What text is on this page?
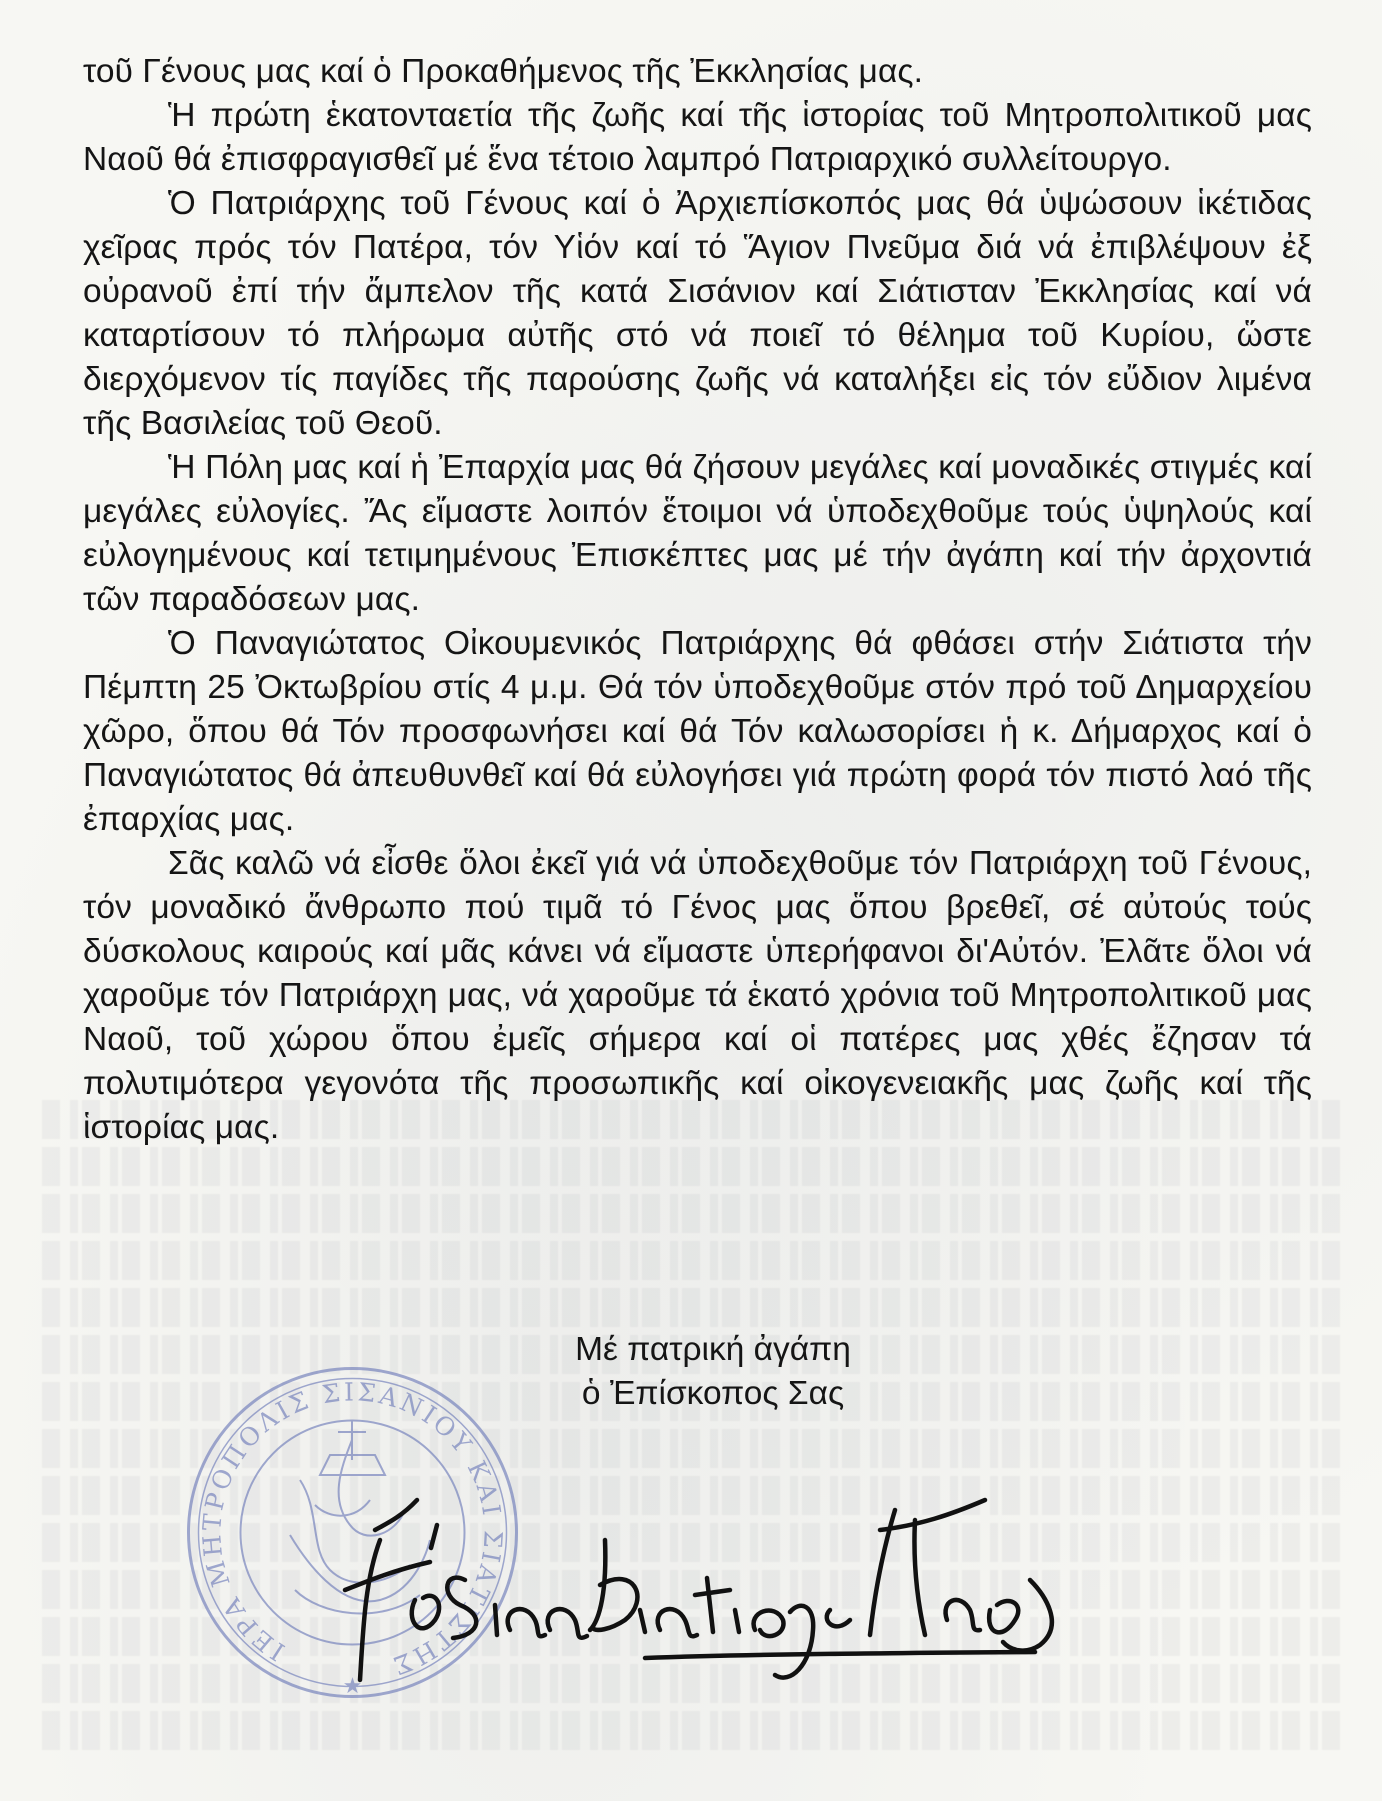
τοῦ Γένους μας καί ὁ Προκαθήμενος τῆς Ἐκκλησίας μας.

Ἡ πρώτη ἑκατονταετία τῆς ζωῆς καί τῆς ἱστορίας τοῦ Μητροπολιτικοῦ μας Ναοῦ θά ἐπισφραγισθεῖ μέ ἕνα τέτοιο λαμπρό Πατριαρχικό συλλείτουργο.

Ὁ Πατριάρχης τοῦ Γένους καί ὁ Ἀρχιεπίσκοπός μας θά ὑψώσουν ἱκέτιδας χεῖρας πρός τόν Πατέρα, τόν Υἱόν καί τό Ἅγιον Πνεῦμα διά νά ἐπιβλέψουν ἐξ οὐρανοῦ ἐπί τήν ἄμπελον τῆς κατά Σισάνιον καί Σιάτισταν Ἐκκλησίας καί νά καταρτίσουν τό πλήρωμα αὐτῆς στό νά ποιεῖ τό θέλημα τοῦ Κυρίου, ὥστε διερχόμενον τίς παγίδες τῆς παρούσης ζωῆς νά καταλήξει εἰς τόν εὔδιον λιμένα τῆς Βασιλείας τοῦ Θεοῦ.

Ἡ Πόλη μας καί ἡ Ἐπαρχία μας θά ζήσουν μεγάλες καί μοναδικές στιγμές καί μεγάλες εὐλογίες. Ἄς εἴμαστε λοιπόν ἕτοιμοι νά ὑποδεχθοῦμε τούς ὑψηλούς καί εὐλογημένους καί τετιμημένους Ἐπισκέπτες μας μέ τήν ἀγάπη καί τήν ἀρχοντιά τῶν παραδόσεων μας.

Ὁ Παναγιώτατος Οἰκουμενικός Πατριάρχης θά φθάσει στήν Σιάτιστα τήν Πέμπτη 25 Ὀκτωβρίου στίς 4 μ.μ. Θά τόν ὑποδεχθοῦμε στόν πρό τοῦ Δημαρχείου χῶρο, ὅπου θά Τόν προσφωνήσει καί θά Τόν καλωσορίσει ἡ κ. Δήμαρχος καί ὁ Παναγιώτατος θά ἀπευθυνθεῖ καί θά εὐλογήσει γιά πρώτη φορά τόν πιστό λαό τῆς ἐπαρχίας μας.

Σᾶς καλῶ νά εἶσθε ὅλοι ἐκεῖ γιά νά ὑποδεχθοῦμε τόν Πατριάρχη τοῦ Γένους, τόν μοναδικό ἄνθρωπο πού τιμᾶ τό Γένος μας ὅπου βρεθεῖ, σέ αὐτούς τούς δύσκολους καιρούς καί μᾶς κάνει νά εἴμαστε ὑπερήφανοι δι'Αὐτόν. Ἐλᾶτε ὅλοι νά χαροῦμε τόν Πατριάρχη μας, νά χαροῦμε τά ἑκατό χρόνια τοῦ Μητροπολιτικοῦ μας Ναοῦ, τοῦ χώρου ὅπου ἐμεῖς σήμερα καί οἱ πατέρες μας χθές ἔζησαν τά πολυτιμότερα γεγονότα τῆς προσωπικῆς καί οἰκογενειακῆς μας ζωῆς καί τῆς ἱστορίας μας.

ΙΕΡΑ ΜΗΤΡΟΠΟΛΙΣ ΣΙΣΑΝΙΟΥ ΚΑΙ ΣΙΑΤΙΣΤΗΣ
★
Μέ πατρική ἀγάπη
ὁ Ἐπίσκοπος Σας
† ὁ Σισανίου καί Σιατίστης Παῦλος
